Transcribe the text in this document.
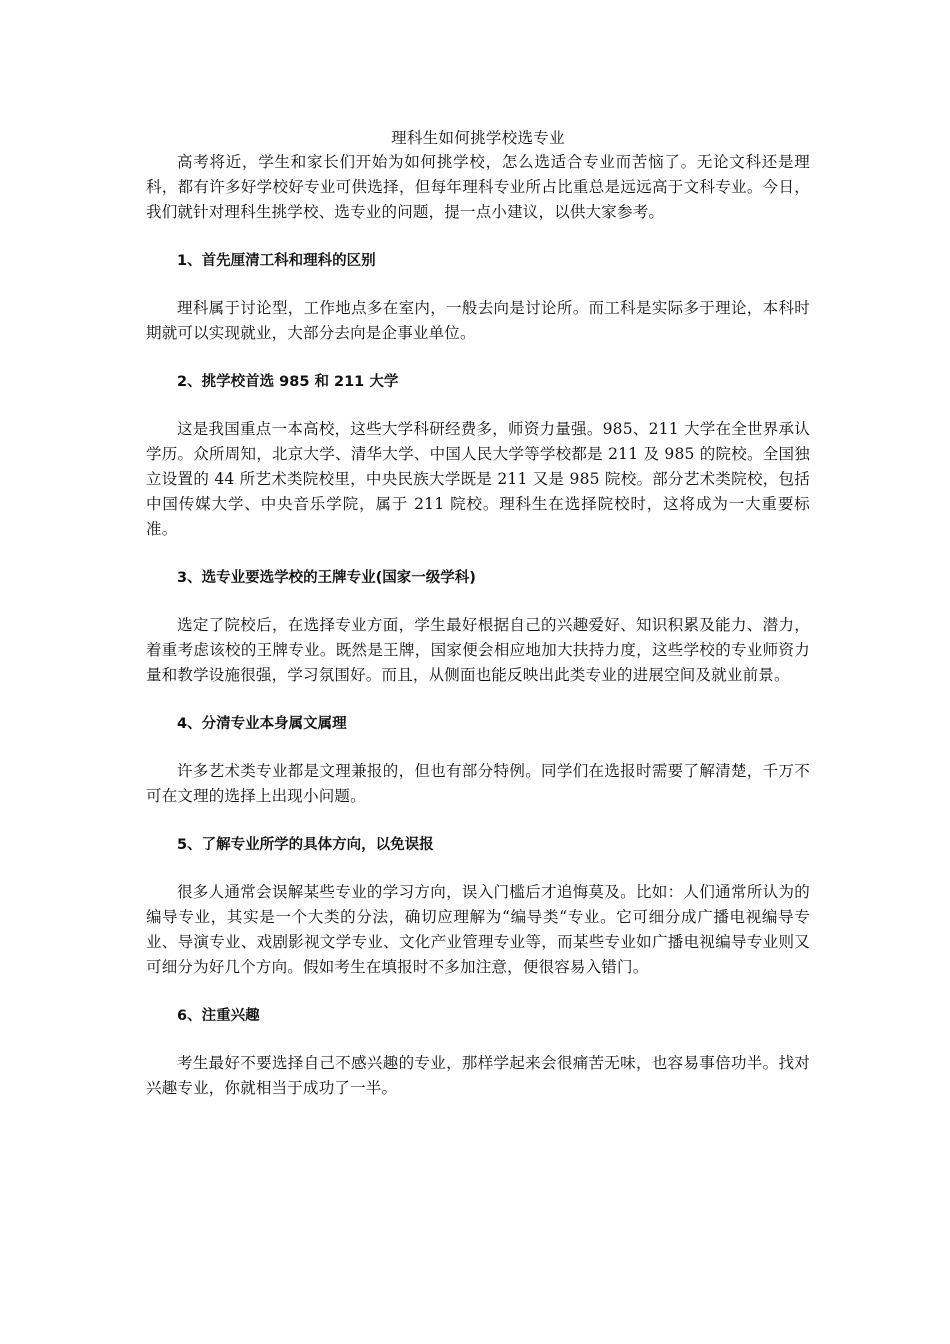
理科生如何挑学校选专业

高考将近，学生和家长们开始为如何挑学校，怎么选适合专业而苦恼了。无论文科还是理科，都有许多好学校好专业可供选择，但每年理科专业所占比重总是远远高于文科专业。今日，我们就针对理科生挑学校、选专业的问题，提一点小建议，以供大家参考。

1、首先厘清工科和理科的区别

理科属于讨论型，工作地点多在室内，一般去向是讨论所。而工科是实际多于理论，本科时期就可以实现就业，大部分去向是企事业单位。

2、挑学校首选 985 和 211 大学

这是我国重点一本高校，这些大学科研经费多，师资力量强。985、211 大学在全世界承认学历。众所周知，北京大学、清华大学、中国人民大学等学校都是 211 及 985 的院校。全国独立设置的 44 所艺术类院校里，中央民族大学既是 211 又是 985 院校。部分艺术类院校，包括中国传媒大学、中央音乐学院，属于 211 院校。理科生在选择院校时，这将成为一大重要标准。

3、选专业要选学校的王牌专业(国家一级学科)

选定了院校后，在选择专业方面，学生最好根据自己的兴趣爱好、知识积累及能力、潜力，着重考虑该校的王牌专业。既然是王牌，国家便会相应地加大扶持力度，这些学校的专业师资力量和教学设施很强，学习氛围好。而且，从侧面也能反映出此类专业的进展空间及就业前景。

4、分清专业本身属文属理

许多艺术类专业都是文理兼报的，但也有部分特例。同学们在选报时需要了解清楚，千万不可在文理的选择上出现小问题。

5、了解专业所学的具体方向，以免误报

很多人通常会误解某些专业的学习方向，误入门槛后才追悔莫及。比如：人们通常所认为的编导专业，其实是一个大类的分法，确切应理解为“编导类“专业。它可细分成广播电视编导专业、导演专业、戏剧影视文学专业、文化产业管理专业等，而某些专业如广播电视编导专业则又可细分为好几个方向。假如考生在填报时不多加注意，便很容易入错门。

6、注重兴趣

考生最好不要选择自己不感兴趣的专业，那样学起来会很痛苦无味，也容易事倍功半。找对兴趣专业，你就相当于成功了一半。
